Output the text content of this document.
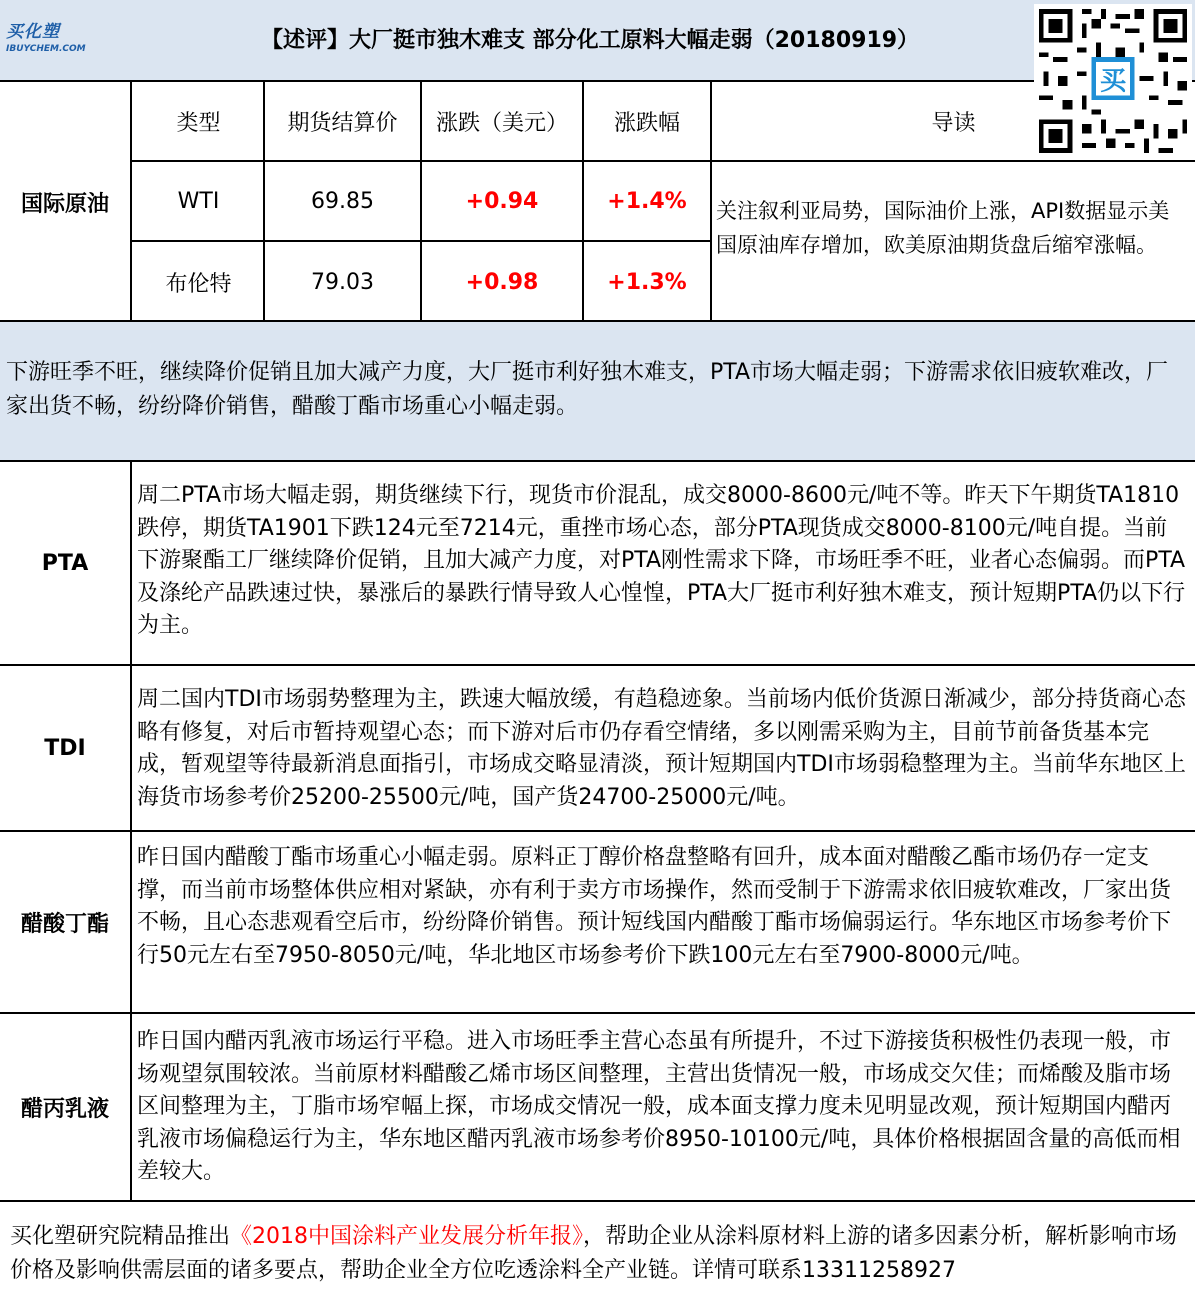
买化塑
IBUYCHEM.COM	【述评】大厂挺市独木难支 部分化工原料大幅走弱（20180919）
买
国际原油
类型	期货结算价	涨跌（美元）	涨跌幅	导读
WTI	69.85	+0.94	+1.4%
布伦特	79.03	+0.98	+1.3%
关注叙利亚局势，国际油价上涨，API数据显示美国原油库存增加，欧美原油期货盘后缩窄涨幅。
下游旺季不旺，继续降价促销且加大减产力度，大厂挺市利好独木难支，PTA市场大幅走弱；下游需求依旧疲软难改，厂家出货不畅，纷纷降价销售，醋酸丁酯市场重心小幅走弱。
PTA
周二PTA市场大幅走弱，期货继续下行，现货市价混乱，成交8000-8600元/吨不等。昨天下午期货TA1810跌停，期货TA1901下跌124元至7214元，重挫市场心态，部分PTA现货成交8000-8100元/吨自提。当前下游聚酯工厂继续降价促销，且加大减产力度，对PTA刚性需求下降，市场旺季不旺，业者心态偏弱。而PTA及涤纶产品跌速过快，暴涨后的暴跌行情导致人心惶惶，PTA大厂挺市利好独木难支，预计短期PTA仍以下行为主。
TDI
周二国内TDI市场弱势整理为主，跌速大幅放缓，有趋稳迹象。当前场内低价货源日渐减少，部分持货商心态略有修复，对后市暂持观望心态；而下游对后市仍存看空情绪，多以刚需采购为主，目前节前备货基本完成，暂观望等待最新消息面指引，市场成交略显清淡，预计短期国内TDI市场弱稳整理为主。当前华东地区上海货市场参考价25200-25500元/吨，国产货24700-25000元/吨。
醋酸丁酯
昨日国内醋酸丁酯市场重心小幅走弱。原料正丁醇价格盘整略有回升，成本面对醋酸乙酯市场仍存一定支撑，而当前市场整体供应相对紧缺，亦有利于卖方市场操作，然而受制于下游需求依旧疲软难改，厂家出货不畅，且心态悲观看空后市，纷纷降价销售。预计短线国内醋酸丁酯市场偏弱运行。华东地区市场参考价下行50元左右至7950-8050元/吨，华北地区市场参考价下跌100元左右至7900-8000元/吨。
醋丙乳液
昨日国内醋丙乳液市场运行平稳。进入市场旺季主营心态虽有所提升，不过下游接货积极性仍表现一般，市场观望氛围较浓。当前原材料醋酸乙烯市场区间整理，主营出货情况一般，市场成交欠佳；而烯酸及脂市场区间整理为主，丁脂市场窄幅上探，市场成交情况一般，成本面支撑力度未见明显改观，预计短期国内醋丙乳液市场偏稳运行为主，华东地区醋丙乳液市场参考价8950-10100元/吨，具体价格根据固含量的高低而相差较大。
买化塑研究院精品推出《2018中国涂料产业发展分析年报》，帮助企业从涂料原材料上游的诸多因素分析，解析影响市场价格及影响供需层面的诸多要点，帮助企业全方位吃透涂料全产业链。详情可联系13311258927
